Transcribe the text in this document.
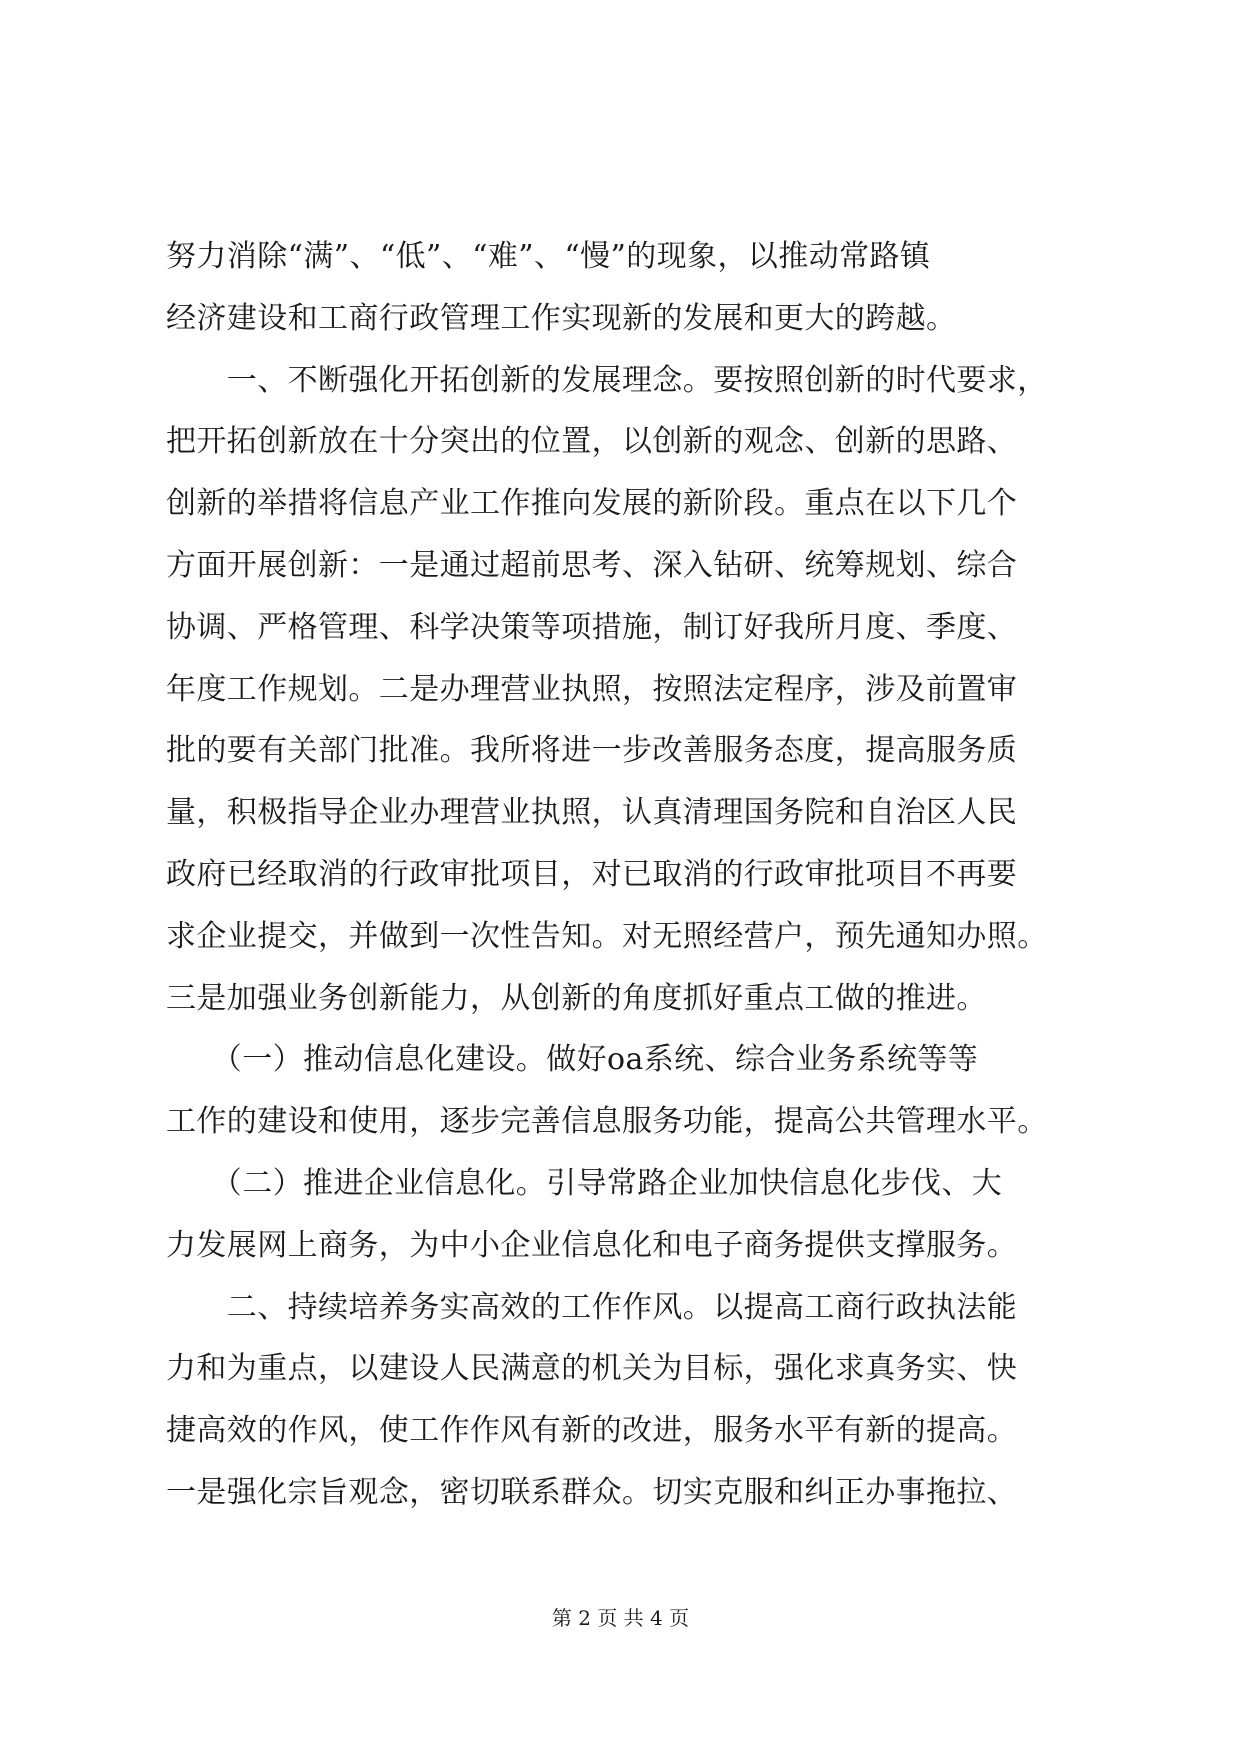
努力消除“满”、“低”、“难”、“慢”的现象，以推动常路镇
经济建设和工商行政管理工作实现新的发展和更大的跨越。
　　一、不断强化开拓创新的发展理念。要按照创新的时代要求，
把开拓创新放在十分突出的位置，以创新的观念、创新的思路、
创新的举措将信息产业工作推向发展的新阶段。重点在以下几个
方面开展创新：一是通过超前思考、深入钻研、统筹规划、综合
协调、严格管理、科学决策等项措施，制订好我所月度、季度、
年度工作规划。二是办理营业执照，按照法定程序，涉及前置审
批的要有关部门批准。我所将进一步改善服务态度，提高服务质
量，积极指导企业办理营业执照，认真清理国务院和自治区人民
政府已经取消的行政审批项目，对已取消的行政审批项目不再要
求企业提交，并做到一次性告知。对无照经营户，预先通知办照。
三是加强业务创新能力，从创新的角度抓好重点工做的推进。
　　（一）推动信息化建设。做好oa系统、综合业务系统等等
工作的建设和使用，逐步完善信息服务功能，提高公共管理水平。
　　（二）推进企业信息化。引导常路企业加快信息化步伐、大
力发展网上商务，为中小企业信息化和电子商务提供支撑服务。
　　二、持续培养务实高效的工作作风。以提高工商行政执法能
力和为重点，以建设人民满意的机关为目标，强化求真务实、快
捷高效的作风，使工作作风有新的改进，服务水平有新的提高。
一是强化宗旨观念，密切联系群众。切实克服和纠正办事拖拉、
第 2 页 共 4 页
